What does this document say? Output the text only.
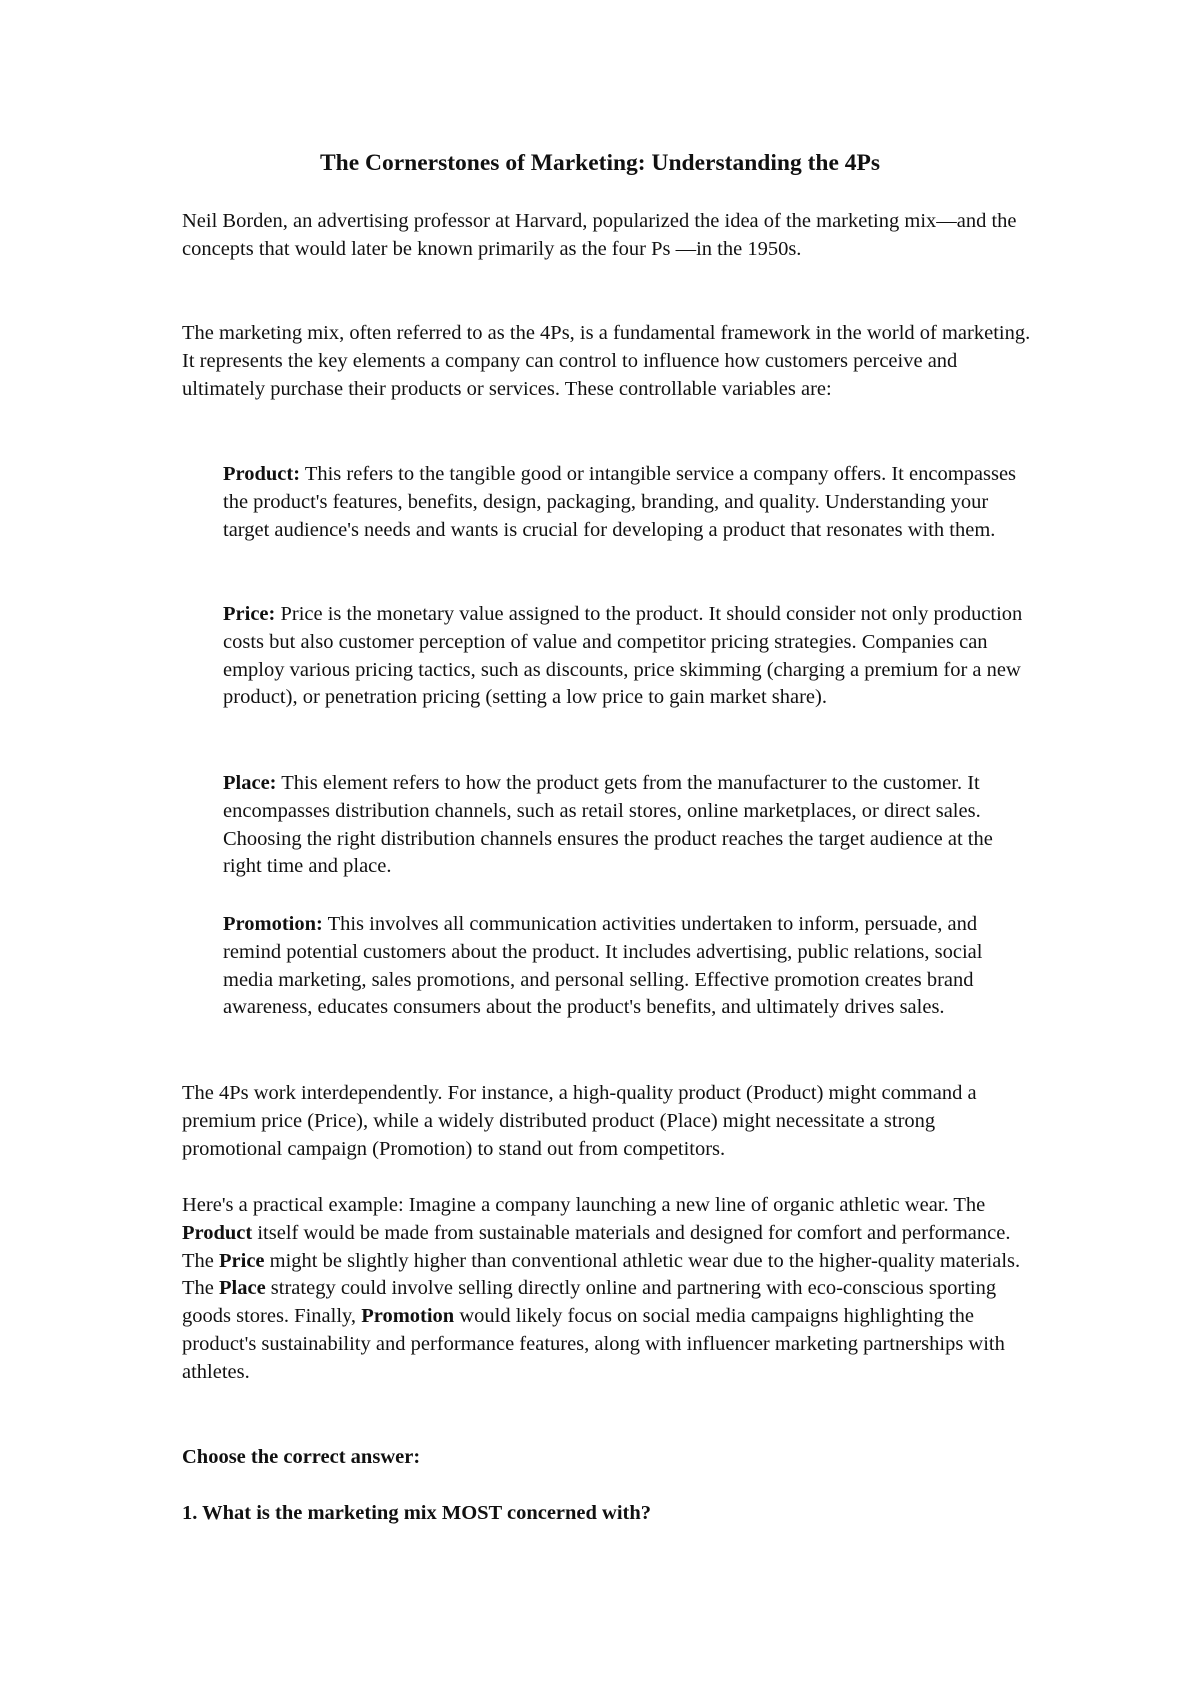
The Cornerstones of Marketing: Understanding the 4Ps

Neil Borden, an advertising professor at Harvard, popularized the idea of the marketing mix—and the concepts that would later be known primarily as the four Ps —in the 1950s.

The marketing mix, often referred to as the 4Ps, is a fundamental framework in the world of marketing. It represents the key elements a company can control to influence how customers perceive and ultimately purchase their products or services. These controllable variables are:

Product: This refers to the tangible good or intangible service a company offers. It encompasses the product's features, benefits, design, packaging, branding, and quality. Understanding your target audience's needs and wants is crucial for developing a product that resonates with them.

Price: Price is the monetary value assigned to the product. It should consider not only production costs but also customer perception of value and competitor pricing strategies. Companies can employ various pricing tactics, such as discounts, price skimming (charging a premium for a new product), or penetration pricing (setting a low price to gain market share).

Place: This element refers to how the product gets from the manufacturer to the customer. It encompasses distribution channels, such as retail stores, online marketplaces, or direct sales. Choosing the right distribution channels ensures the product reaches the target audience at the right time and place.

Promotion: This involves all communication activities undertaken to inform, persuade, and remind potential customers about the product. It includes advertising, public relations, social media marketing, sales promotions, and personal selling. Effective promotion creates brand awareness, educates consumers about the product's benefits, and ultimately drives sales.

The 4Ps work interdependently. For instance, a high-quality product (Product) might command a premium price (Price), while a widely distributed product (Place) might necessitate a strong promotional campaign (Promotion) to stand out from competitors.

Here's a practical example: Imagine a company launching a new line of organic athletic wear. The Product itself would be made from sustainable materials and designed for comfort and performance. The Price might be slightly higher than conventional athletic wear due to the higher-quality materials. The Place strategy could involve selling directly online and partnering with eco-conscious sporting goods stores. Finally, Promotion would likely focus on social media campaigns highlighting the product's sustainability and performance features, along with influencer marketing partnerships with athletes.

Choose the correct answer:

1. What is the marketing mix MOST concerned with?
